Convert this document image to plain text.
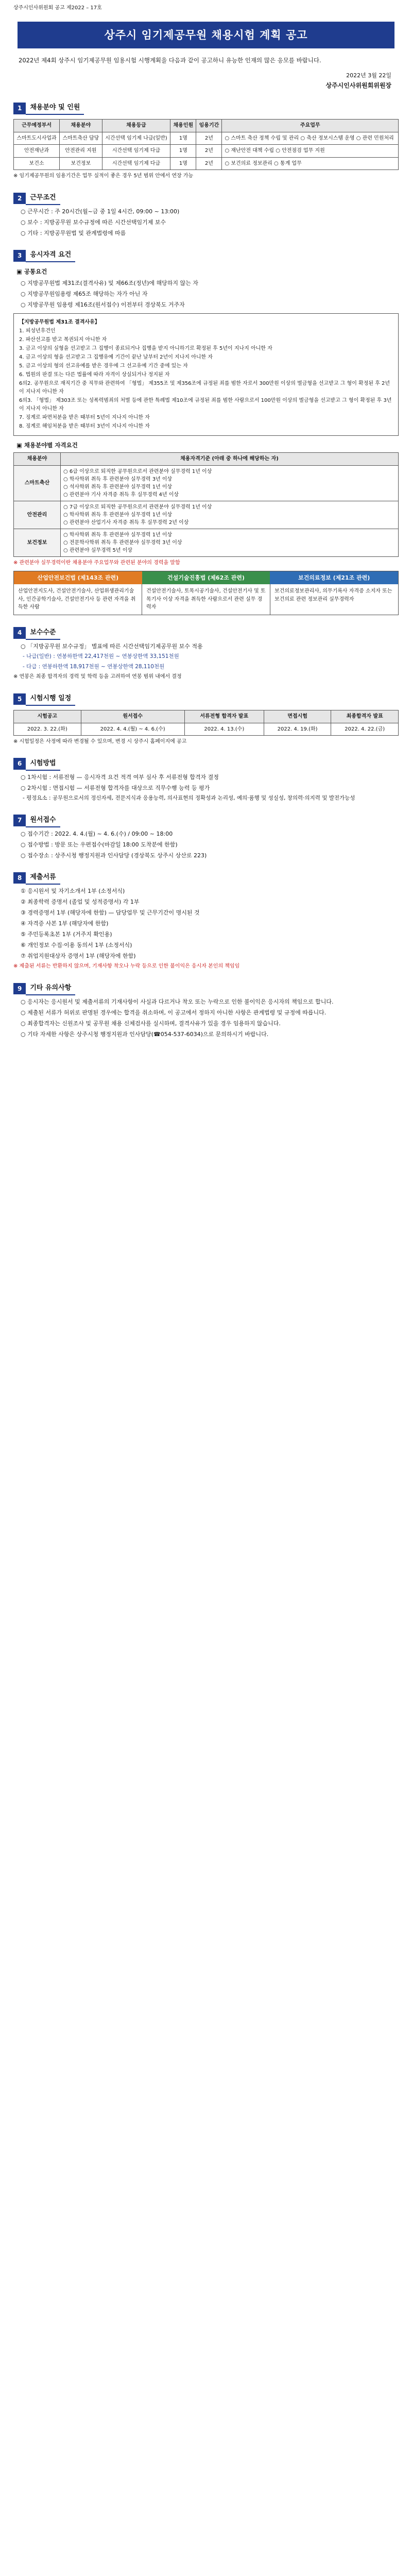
상주시인사위원회 공고 제2022 – 17호
상주시 임기제공무원 채용시험 계획 공고
2022년 제4회 상주시 임기제공무원 임용시험 시행계획을 다음과 같이 공고하니 유능한 인재의 많은 응모를 바랍니다.
2022년 3월 22일
상주시인사위원회위원장
1	채용분야 및 인원
근무예정부서	채용분야	채용등급	채용인원	임용기간	주요업무
스마트도시사업과	스마트축산 담당	시간선택 임기제 나급(일반)	1명	2년	○ 스마트 축산 정책 수립 및 관리 ○ 축산 정보시스템 운영 ○ 관련 민원처리
안전재난과	안전관리 지원	시간선택 임기제 다급	1명	2년	○ 재난안전 대책 수립 ○ 안전점검 업무 지원
보건소	보건정보	시간선택 임기제 다급	1명	2년	○ 보건의료 정보관리 ○ 통계 업무
※ 임기제공무원의 임용기간은 업무 실적이 좋은 경우 5년 범위 안에서 연장 가능
2	근무조건
○ 근무시간 : 주 20시간(월~금 중 1일 4시간, 09:00 ~ 13:00)
○ 보수 : 지방공무원 보수규정에 따른 시간선택임기제 보수
○ 기타 : 지방공무원법 및 관계법령에 따름
3	응시자격 요건
▣ 공통요건
○ 지방공무원법 제31조(결격사유) 및 제66조(정년)에 해당하지 않는 자
○ 지방공무원임용령 제65조 해당하는 자가 아닌 자
○ 지방공무원 임용령 제16조(원서접수) 이전부터 경상북도 거주자
【지방공무원법 제31조 결격사유】
1. 피성년후견인
2. 파산선고를 받고 복권되지 아니한 자
3. 금고 이상의 실형을 선고받고 그 집행이 종료되거나 집행을 받지 아니하기로 확정된 후 5년이 지나지 아니한 자
4. 금고 이상의 형을 선고받고 그 집행유예 기간이 끝난 날부터 2년이 지나지 아니한 자
5. 금고 이상의 형의 선고유예를 받은 경우에 그 선고유예 기간 중에 있는 자
6. 법원의 판결 또는 다른 법률에 따라 자격이 상실되거나 정지된 자
6의2. 공무원으로 재직기간 중 직무와 관련하여 「형법」 제355조 및 제356조에 규정된 죄를 범한 자로서 300만원 이상의 벌금형을 선고받고 그 형이 확정된 후 2년이 지나지 아니한 자
6의3. 「형법」 제303조 또는 성폭력범죄의 처벌 등에 관한 특례법 제10조에 규정된 죄를 범한 사람으로서 100만원 이상의 벌금형을 선고받고 그 형이 확정된 후 3년이 지나지 아니한 자
7. 징계로 파면처분을 받은 때부터 5년이 지나지 아니한 자
8. 징계로 해임처분을 받은 때부터 3년이 지나지 아니한 자
▣ 채용분야별 자격요건
채용분야	채용자격기준 (아래 중 하나에 해당하는 자)
스마트축산	○ 6급 이상으로 퇴직한 공무원으로서 관련분야 실무경력 1년 이상
○ 학사학위 취득 후 관련분야 실무경력 3년 이상
○ 석사학위 취득 후 관련분야 실무경력 1년 이상
○ 관련분야 기사 자격증 취득 후 실무경력 4년 이상

안전관리	○ 7급 이상으로 퇴직한 공무원으로서 관련분야 실무경력 1년 이상
○ 학사학위 취득 후 관련분야 실무경력 1년 이상
○ 관련분야 산업기사 자격증 취득 후 실무경력 2년 이상

보건정보	○ 학사학위 취득 후 관련분야 실무경력 1년 이상
○ 전문학사학위 취득 후 관련분야 실무경력 3년 이상
○ 관련분야 실무경력 5년 이상
※ 관련분야 실무경력이란 채용분야 주요업무와 관련된 분야의 경력을 말함
산업안전보건법 (제143조 관련)	건설기술진흥법 (제62조 관련)	보건의료정보 (제21조 관련)
산업안전지도사, 건설안전기술사, 산업위생관리기술사, 인간공학기술사, 건설안전기사 등 관련 자격을 취득한 사람
건설안전기술사, 토목시공기술사, 건설안전기사 및 토목기사 이상 자격을 취득한 사람으로서 관련 실무 경력자
보건의료정보관리사, 의무기록사 자격증 소지자 또는 보건의료 관련 정보관리 실무경력자
4	보수수준
○ 「지방공무원 보수규정」 별표에 따른 시간선택임기제공무원 보수 적용
- 나급(일반) : 연봉하한액 22,417천원 ~ 연봉상한액 33,151천원
- 다급 : 연봉하한액 18,917천원 ~ 연봉상한액 28,110천원
※ 연봉은 최종 합격자의 경력 및 학력 등을 고려하여 연봉 범위 내에서 결정
5	시험시행 일정
시험공고	원서접수	서류전형 합격자 발표	면접시험	최종합격자 발표
2022. 3. 22.(화)	2022. 4. 4.(월) ~ 4. 6.(수)	2022. 4. 13.(수)	2022. 4. 19.(화)	2022. 4. 22.(금)
※ 시험일정은 사정에 따라 변경될 수 있으며, 변경 시 상주시 홈페이지에 공고
6	시험방법
○ 1차시험 : 서류전형 — 응시자격 요건 적격 여부 심사 후 서류전형 합격자 결정
○ 2차시험 : 면접시험 — 서류전형 합격자를 대상으로 직무수행 능력 등 평가
- 평정요소 : 공무원으로서의 정신자세, 전문지식과 응용능력, 의사표현의 정확성과 논리성, 예의·품행 및 성실성, 창의력·의지력 및 발전가능성
7	원서접수
○ 접수기간 : 2022. 4. 4.(월) ~ 4. 6.(수) / 09:00 ~ 18:00
○ 접수방법 : 방문 또는 우편접수(마감일 18:00 도착분에 한함)
○ 접수장소 : 상주시청 행정지원과 인사담당 (경상북도 상주시 상산로 223)
8	제출서류
① 응시원서 및 자기소개서 1부 (소정서식)
② 최종학력 증명서 (졸업 및 성적증명서) 각 1부
③ 경력증명서 1부 (해당자에 한함) — 담당업무 및 근무기간이 명시된 것
④ 자격증 사본 1부 (해당자에 한함)
⑤ 주민등록초본 1부 (거주지 확인용)
⑥ 개인정보 수집·이용 동의서 1부 (소정서식)
⑦ 취업지원대상자 증명서 1부 (해당자에 한함)
※ 제출된 서류는 반환하지 않으며, 기재사항 착오나 누락 등으로 인한 불이익은 응시자 본인의 책임임
9	기타 유의사항
○ 응시자는 응시원서 및 제출서류의 기재사항이 사실과 다르거나 착오 또는 누락으로 인한 불이익은 응시자의 책임으로 합니다.
○ 제출된 서류가 허위로 판명된 경우에는 합격을 취소하며, 이 공고에서 정하지 아니한 사항은 관계법령 및 규정에 따릅니다.
○ 최종합격자는 신원조사 및 공무원 채용 신체검사를 실시하며, 결격사유가 있을 경우 임용하지 않습니다.
○ 기타 자세한 사항은 상주시청 행정지원과 인사담당(☎054-537-6034)으로 문의하시기 바랍니다.
